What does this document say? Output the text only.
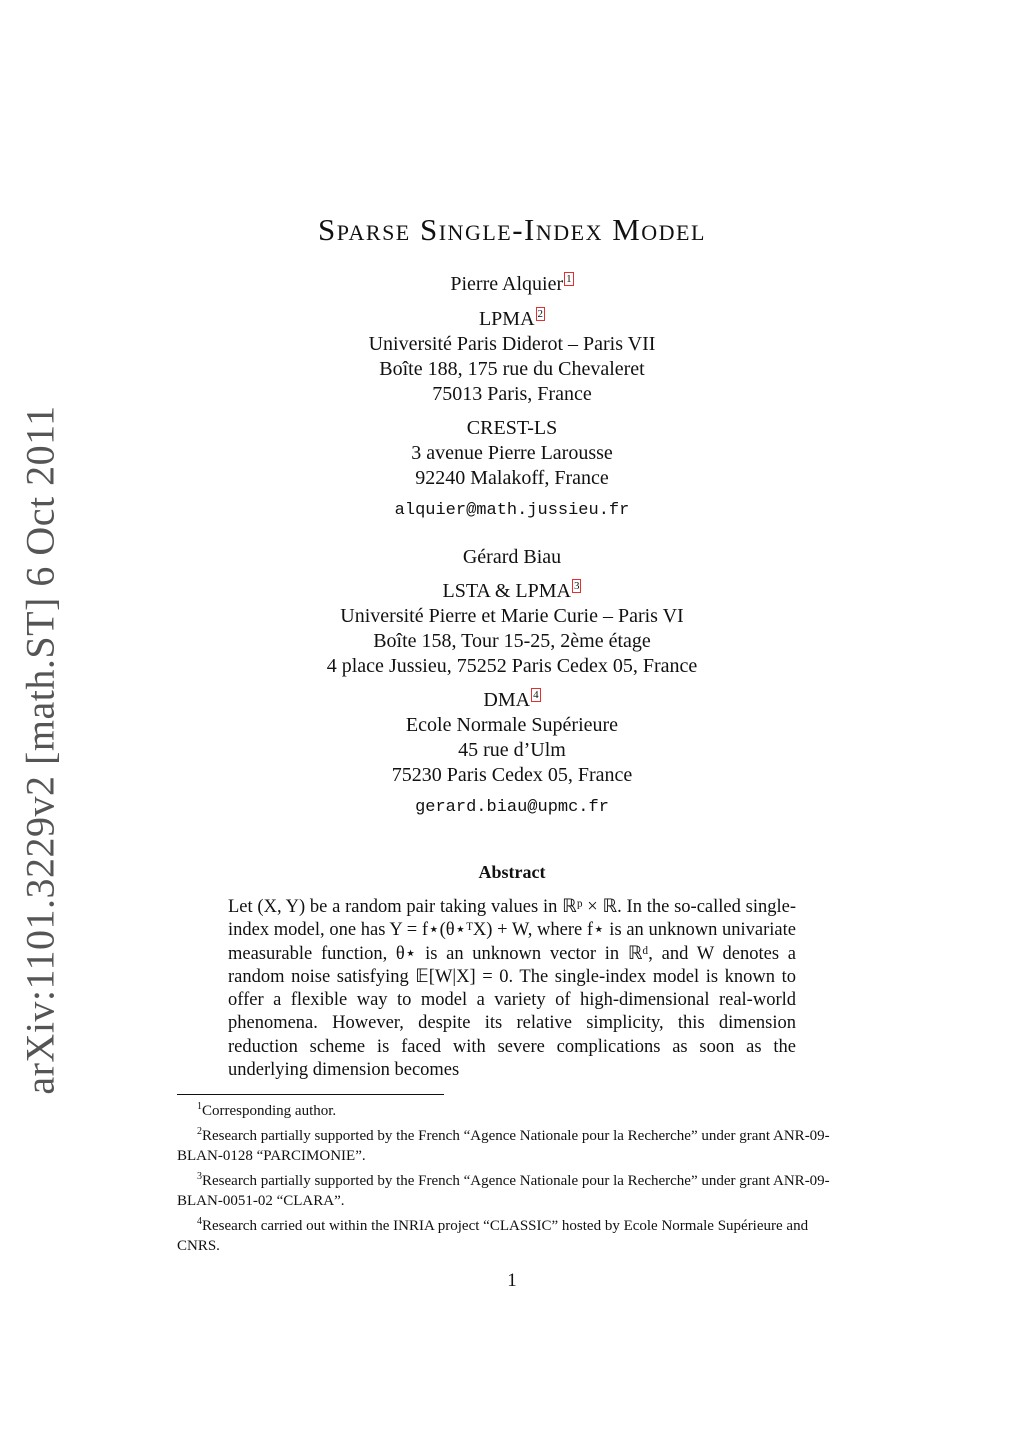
arXiv:1101.3229v2 [math.ST] 6 Oct 2011
Sparse Single-Index Model
Pierre Alquier $^1$
LPMA $^2$
Université Paris Diderot – Paris VII
Boîte 188, 175 rue du Chevaleret
75013 Paris, France
CREST-LS
3 avenue Pierre Larousse
92240 Malakoff, France
alquier@math.jussieu.fr
Gérard Biau
LSTA & LPMA $^3$
Université Pierre et Marie Curie – Paris VI
Boîte 158, Tour 15-25, 2ème étage
4 place Jussieu, 75252 Paris Cedex 05, France
DMA $^4$
Ecole Normale Supérieure
45 rue d’Ulm
75230 Paris Cedex 05, France
gerard.biau@upmc.fr
Abstract
Let (X, Y) be a random pair taking values in ℝᵖ × ℝ. In the so-called single-index model, one has Y = f⋆(θ⋆ᵀX) + W, where f⋆ is an unknown univariate measurable function, θ⋆ is an unknown vector in ℝᵈ, and W denotes a random noise satisfying 𝔼[W|X] = 0. The single-index model is known to offer a flexible way to model a variety of high-dimensional real-world phenomena. However, despite its relative simplicity, this dimension reduction scheme is faced with severe complications as soon as the underlying dimension becomes
$^1$Corresponding author.
$^2$Research partially supported by the French “Agence Nationale pour la Recherche” under grant ANR-09-BLAN-0128 “PARCIMONIE”.
$^3$Research partially supported by the French “Agence Nationale pour la Recherche” under grant ANR-09-BLAN-0051-02 “CLARA”.
$^4$Research carried out within the INRIA project “CLASSIC” hosted by Ecole Normale Supérieure and CNRS.
1
